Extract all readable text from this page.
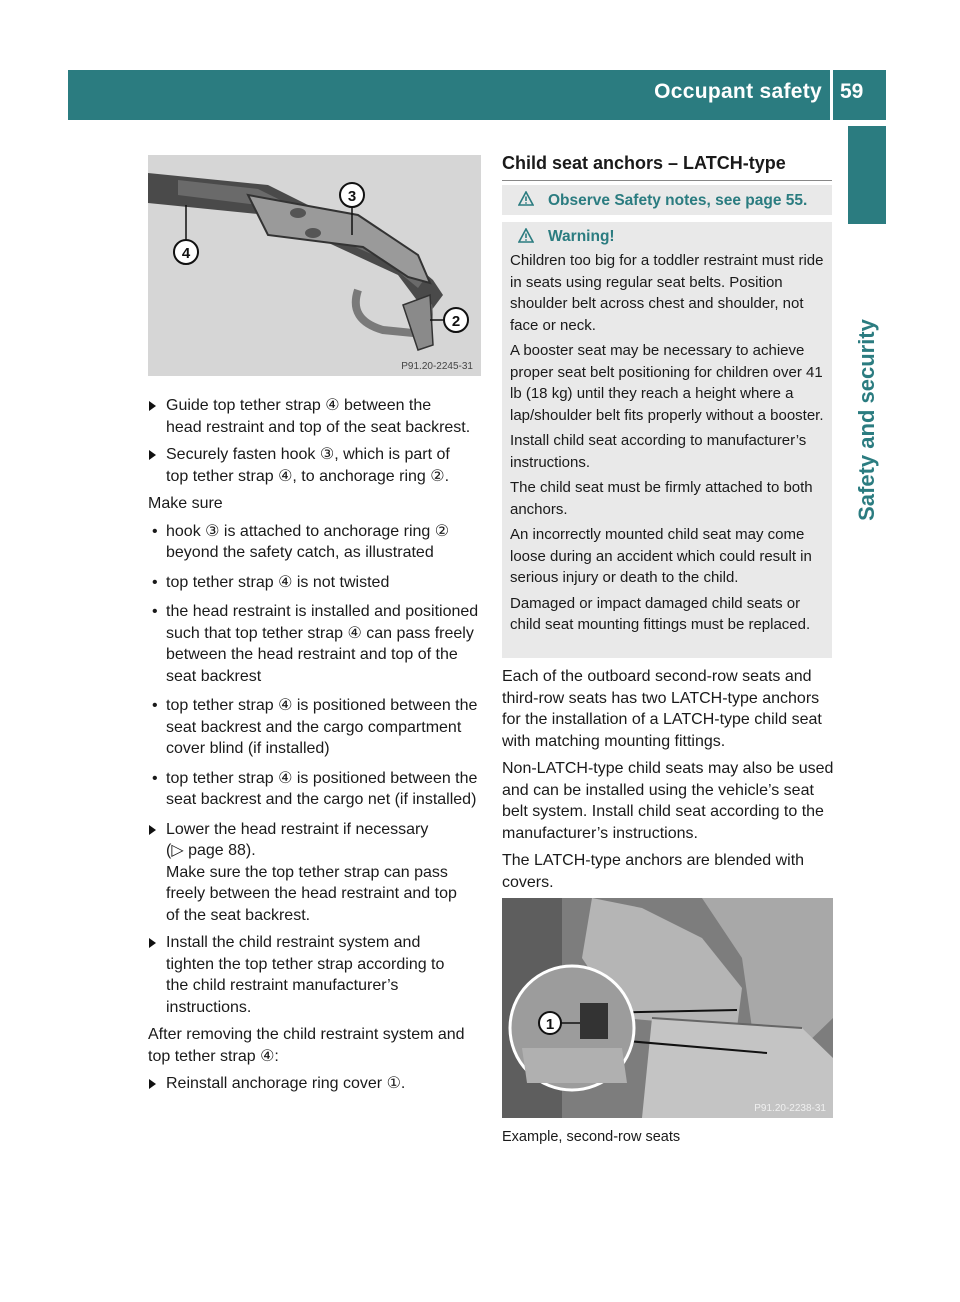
Occupant safety 59
Safety and security
3
4
2
P91.20-2245-31
Guide top tether strap ④ between the
head restraint and top of the seat backrest.
Securely fasten hook ③, which is part of
top tether strap ④, to anchorage ring ②.
Make sure
• hook ③ is attached to anchorage ring ② beyond the safety catch, as illustrated
• top tether strap ④ is not twisted
• the head restraint is installed and positioned such that top tether strap ④ can pass freely between the head restraint and top of the seat backrest
• top tether strap ④ is positioned between the seat backrest and the cargo compartment cover blind (if installed)
• top tether strap ④ is positioned between the seat backrest and the cargo net (if installed)
Lower the head restraint if necessary
(▷ page 88).
Make sure the top tether strap can pass
freely between the head restraint and top
of the seat backrest.
Install the child restraint system and
tighten the top tether strap according to
the child restraint manufacturer’s
instructions.
After removing the child restraint system and top tether strap ④:
Reinstall anchorage ring cover ①.
Child seat anchors – LATCH-type
Observe Safety notes, see page 55.
Warning!

Children too big for a toddler restraint must ride in seats using regular seat belts. Position shoulder belt across chest and shoulder, not face or neck.

A booster seat may be necessary to achieve proper seat belt positioning for children over 41 lb (18 kg) until they reach a height where a lap/shoulder belt fits properly without a booster.

Install child seat according to manufacturer’s instructions.

The child seat must be firmly attached to both anchors.

An incorrectly mounted child seat may come loose during an accident which could result in serious injury or death to the child.

Damaged or impact damaged child seats or child seat mounting fittings must be replaced.

Each of the outboard second-row seats and third-row seats has two LATCH-type anchors for the installation of a LATCH-type child seat with matching mounting fittings.
Non-LATCH-type child seats may also be used and can be installed using the vehicle’s seat belt system. Install child seat according to the manufacturer’s instructions.
The LATCH-type anchors are blended with covers.
1
P91.20-2238-31
Example, second-row seats
